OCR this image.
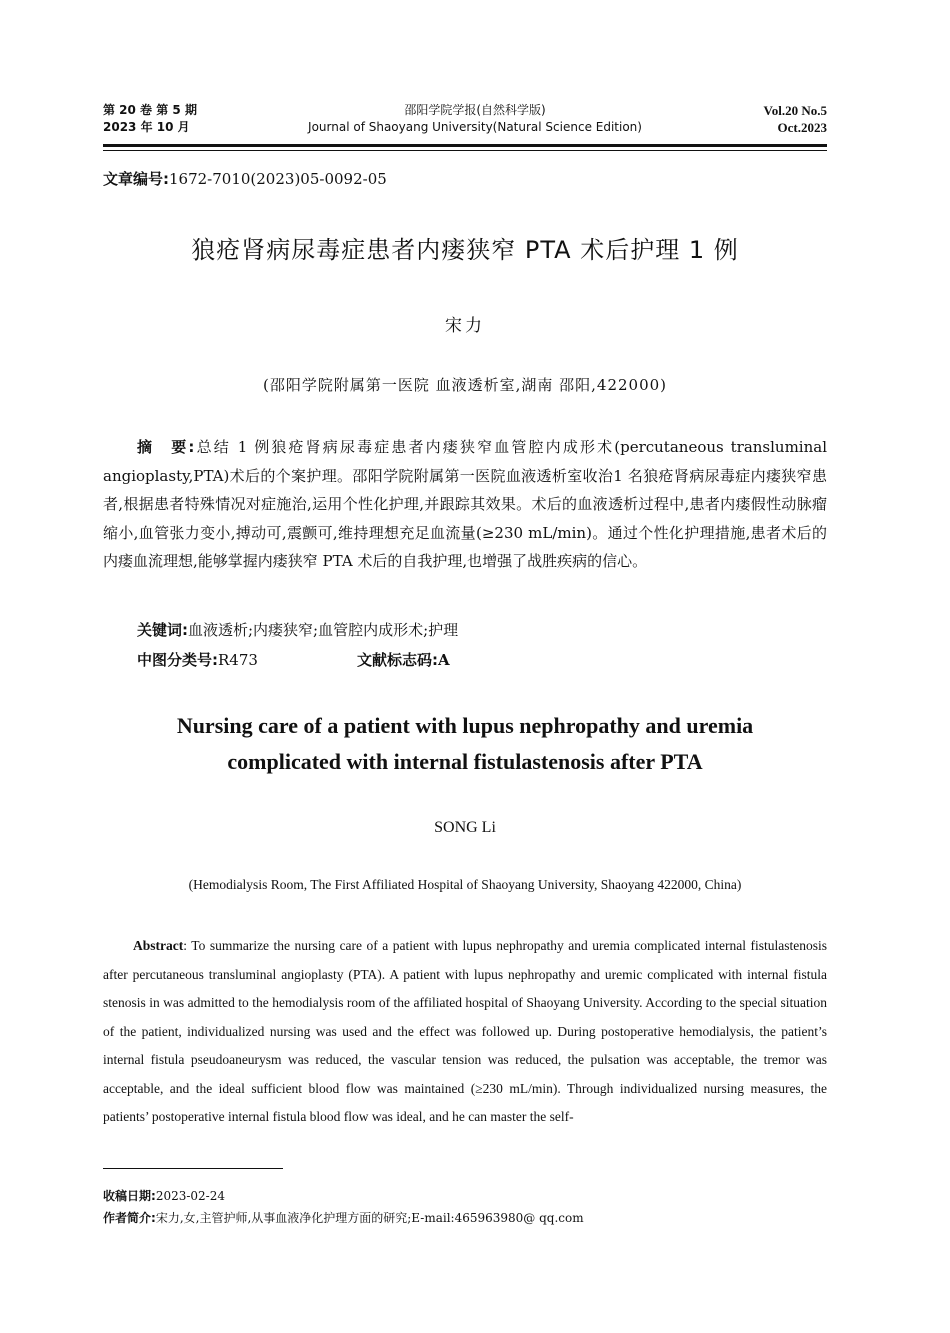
第 20 卷 第 5 期
2023 年 10 月
邵阳学院学报(自然科学版)
Journal of Shaoyang University(Natural Science Edition)
Vol.20 No.5
Oct.2023
文章编号:1672-7010(2023)05-0092-05
狼疮肾病尿毒症患者内瘘狭窄 PTA 术后护理 1 例
宋力
(邵阳学院附属第一医院 血液透析室,湖南 邵阳,422000)
摘　要:总结 1 例狼疮肾病尿毒症患者内瘘狭窄血管腔内成形术(percutaneous transluminal angioplasty,PTA)术后的个案护理。邵阳学院附属第一医院血液透析室收治1 名狼疮肾病尿毒症内瘘狭窄患者,根据患者特殊情况对症施治,运用个性化护理,并跟踪其效果。术后的血液透析过程中,患者内瘘假性动脉瘤缩小,血管张力变小,搏动可,震颤可,维持理想充足血流量(≥230 mL/min)。通过个性化护理措施,患者术后的内瘘血流理想,能够掌握内瘘狭窄 PTA 术后的自我护理,也增强了战胜疾病的信心。
关键词:血液透析;内瘘狭窄;血管腔内成形术;护理
中图分类号:R473	文献标志码:A
Nursing care of a patient with lupus nephropathy and uremia
complicated with internal fistulastenosis after PTA
SONG Li
(Hemodialysis Room, The First Affiliated Hospital of Shaoyang University, Shaoyang 422000, China)
Abstract: To summarize the nursing care of a patient with lupus nephropathy and uremia complicated internal fistulastenosis after percutaneous transluminal angioplasty (PTA). A patient with lupus nephropathy and uremic complicated with internal fistula stenosis in was admitted to the hemodialysis room of the affiliated hospital of Shaoyang University. According to the special situation of the patient, individualized nursing was used and the effect was followed up. During postoperative hemodialysis, the patient’s internal fistula pseudoaneurysm was reduced, the vascular tension was reduced, the pulsation was acceptable, the tremor was acceptable, and the ideal sufficient blood flow was maintained (≥230 mL/min). Through individualized nursing measures, the patients’ postoperative internal fistula blood flow was ideal, and he can master the self-
收稿日期:2023-02-24
作者简介:宋力,女,主管护师,从事血液净化护理方面的研究;E-mail:465963980@ qq.com
